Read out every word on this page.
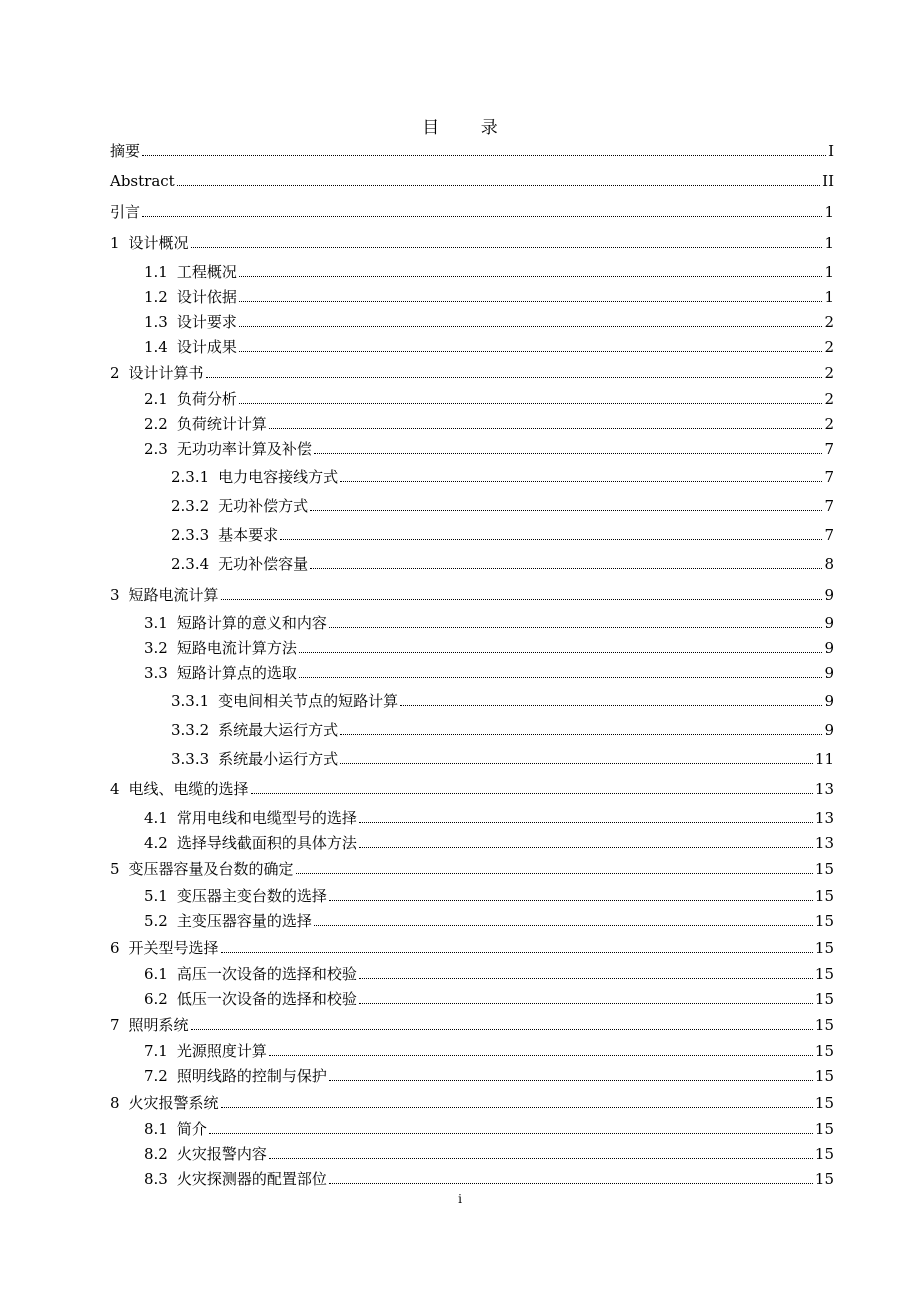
目 录
摘要	I
Abstract	II
引言	1
1 设计概况	1
1.1 工程概况	1
1.2 设计依据	1
1.3 设计要求	2
1.4 设计成果	2
2 设计计算书	2
2.1 负荷分析	2
2.2 负荷统计计算	2
2.3 无功功率计算及补偿	7
2.3.1 电力电容接线方式	7
2.3.2 无功补偿方式	7
2.3.3 基本要求	7
2.3.4 无功补偿容量	8
3 短路电流计算	9
3.1 短路计算的意义和内容	9
3.2 短路电流计算方法	9
3.3 短路计算点的选取	9
3.3.1 变电间相关节点的短路计算	9
3.3.2 系统最大运行方式	9
3.3.3 系统最小运行方式	11
4 电线、电缆的选择	13
4.1 常用电线和电缆型号的选择	13
4.2 选择导线截面积的具体方法	13
5 变压器容量及台数的确定	15
5.1 变压器主变台数的选择	15
5.2 主变压器容量的选择	15
6 开关型号选择	15
6.1 高压一次设备的选择和校验	15
6.2 低压一次设备的选择和校验	15
7 照明系统	15
7.1 光源照度计算	15
7.2 照明线路的控制与保护	15
8 火灾报警系统	15
8.1 简介	15
8.2 火灾报警内容	15
8.3 火灾探测器的配置部位	15
i
